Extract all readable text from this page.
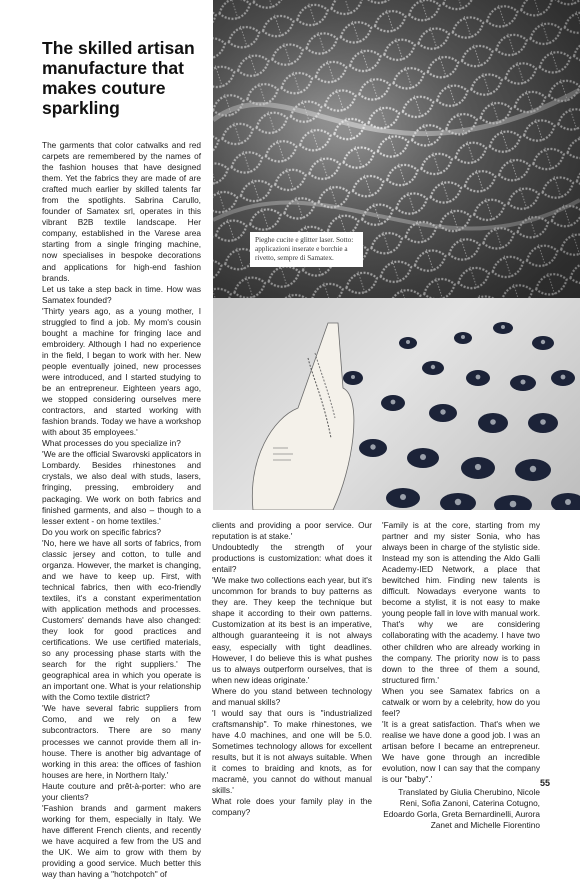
The skilled artisan manufacture that makes couture sparkling

The garments that color catwalks and red carpets are remembered by the names of the fashion houses that have designed them. Yet the fabrics they are made of are crafted much earlier by skilled talents far from the spotlights. Sabrina Carullo, founder of Samatex srl, operates in this vibrant B2B textile landscape. Her company, established in the Varese area starting from a single fringing machine, now specialises in bespoke decorations and applications for high-end fashion brands.

Let us take a step back in time. How was Samatex founded?

'Thirty years ago, as a young mother, I struggled to find a job. My mom's cousin bought a machine for fringing lace and embroidery. Although I had no experience in the field, I began to work with her. New people eventually joined, new processes were introduced, and I started studying to be an entrepreneur. Eighteen years ago, we stopped considering ourselves mere contractors, and started working with fashion brands. Today we have a workshop with about 35 employees.'

What processes do you specialize in?

'We are the official Swarovski applicators in Lombardy. Besides rhinestones and crystals, we also deal with studs, lasers, fringing, pressing, embroidery and packaging. We work on both fabrics and finished garments, and also – though to a lesser extent - on home textiles.'

Do you work on specific fabrics?

'No, here we have all sorts of fabrics, from classic jersey and cotton, to tulle and organza. However, the market is changing, and we have to keep up. First, with technical fabrics, then with eco-friendly textiles, it's a constant experimentation with application methods and processes. Customers' demands have also changed: they look for good practices and certifications. We use certified materials, so any processing phase starts with the search for the right suppliers.' The geographical area in which you operate is an important one. What is your relationship with the Como textile district?

'We have several fabric suppliers from Como, and we rely on a few subcontractors. There are so many processes we cannot provide them all in-house. There is another big advantage of working in this area: the offices of fashion houses are here, in Northern Italy.'

Haute couture and prêt-à-porter: who are your clients?

'Fashion brands and garment makers working for them, especially in Italy. We have different French clients, and recently we have acquired a few from the US and the UK. We aim to grow with them by providing a good service. Much better this way than having a "hotchpotch" of

Pieghe cucite e glitter laser. Sotto: applicazioni inserate e borchie a rivetto, sempre di Samatex.

clients and providing a poor service. Our reputation is at stake.'

Undoubtedly the strength of your productions is customization: what does it entail?

'We make two collections each year, but it's uncommon for brands to buy patterns as they are. They keep the technique but shape it according to their own patterns. Customization at its best is an imperative, although guaranteeing it is not always easy, especially with tight deadlines. However, I do believe this is what pushes us to always outperform ourselves, that is when new ideas originate.'

Where do you stand between technology and manual skills?

'I would say that ours is "industrialized craftsmanship". To make rhinestones, we have 4.0 machines, and one will be 5.0. Sometimes technology allows for excellent results, but it is not always suitable. When it comes to braiding and knots, as for macramè, you cannot do without manual skills.'

What role does your family play in the company?

'Family is at the core, starting from my partner and my sister Sonia, who has always been in charge of the stylistic side. Instead my son is attending the Aldo Galli Academy-IED Network, a place that bewitched him. Finding new talents is difficult. Nowadays everyone wants to become a stylist, it is not easy to make young people fall in love with manual work. That's why we are considering collaborating with the academy. I have two other children who are already working in the company. The priority now is to pass down to the three of them a sound, structured firm.'

When you see Samatex fabrics on a catwalk or worn by a celebrity, how do you feel?

'It is a great satisfaction. That's when we realise we have done a good job. I was an artisan before I became an entrepreneur. We have gone through an incredible evolution, now I can say that the company is our "baby".'

Translated by Giulia Cherubino, Nicole Reni, Sofia Zanoni, Caterina Cotugno, Edoardo Gorla, Greta Bernardinelli, Aurora Zanet and Michelle Fiorentino

55
